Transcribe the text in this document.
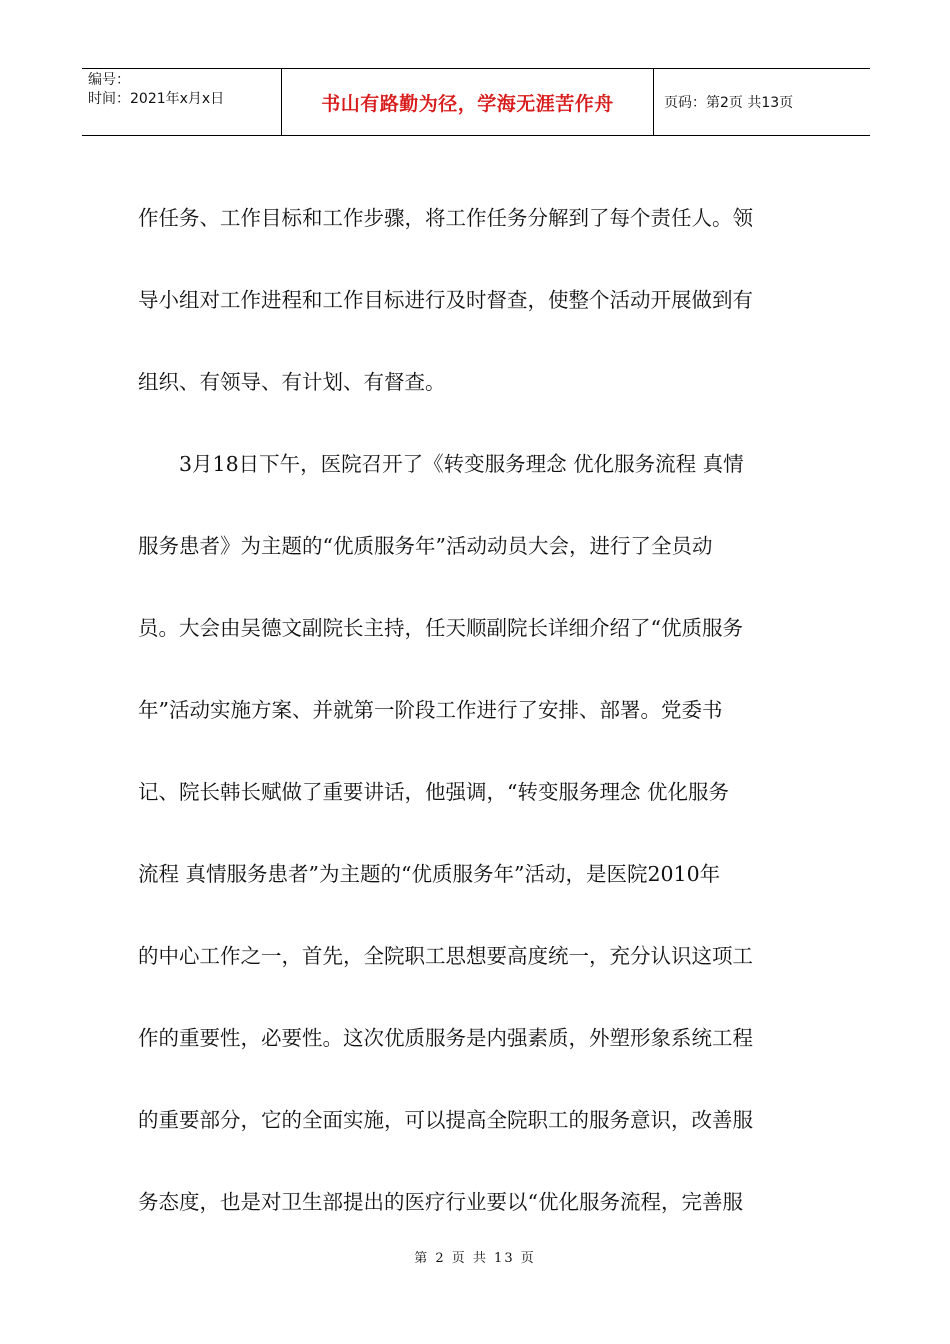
编号：
时间：2021年x月x日	书山有路勤为径，学海无涯苦作舟	页码：第2页 共13页
作任务、工作目标和工作步骤，将工作任务分解到了每个责任人。领
导小组对工作进程和工作目标进行及时督查，使整个活动开展做到有
组织、有领导、有计划、有督查。
　　3月18日下午，医院召开了《转变服务理念 优化服务流程 真情
服务患者》为主题的“优质服务年”活动动员大会，进行了全员动
员。大会由吴德文副院长主持，任天顺副院长详细介绍了“优质服务
年”活动实施方案、并就第一阶段工作进行了安排、部署。党委书
记、院长韩长赋做了重要讲话，他强调，“转变服务理念 优化服务
流程 真情服务患者”为主题的“优质服务年”活动，是医院2010年
的中心工作之一，首先，全院职工思想要高度统一，充分认识这项工
作的重要性，必要性。这次优质服务是内强素质，外塑形象系统工程
的重要部分，它的全面实施，可以提高全院职工的服务意识，改善服
务态度，也是对卫生部提出的医疗行业要以“优化服务流程，完善服
第 2 页 共 13 页
